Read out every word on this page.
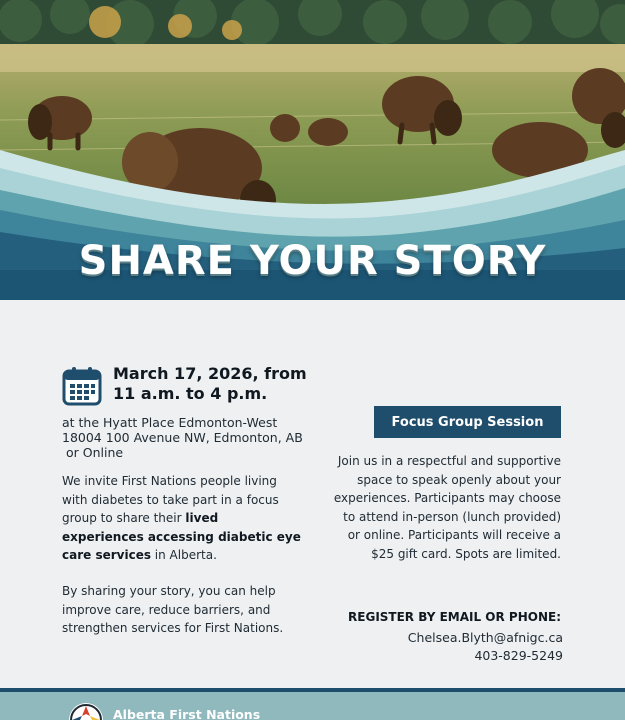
SHARE YOUR STORY
March 17, 2026, from
11 a.m. to 4 p.m.
at the Hyatt Place Edmonton-West
18004 100 Avenue NW, Edmonton, AB
or Online

We invite First Nations people living with diabetes to take part in a focus group to share their lived experiences accessing diabetic eye care services in Alberta.

By sharing your story, you can help improve care, reduce barriers, and strengthen services for First Nations.

Focus Group Session

Join us in a respectful and supportive space to speak openly about your experiences. Participants may choose to attend in-person (lunch provided) or online. Participants will receive a $25 gift card. Spots are limited.

REGISTER BY EMAIL OR PHONE:
Chelsea.Blyth@afnigc.ca
403-829-5249
Alberta First Nations
